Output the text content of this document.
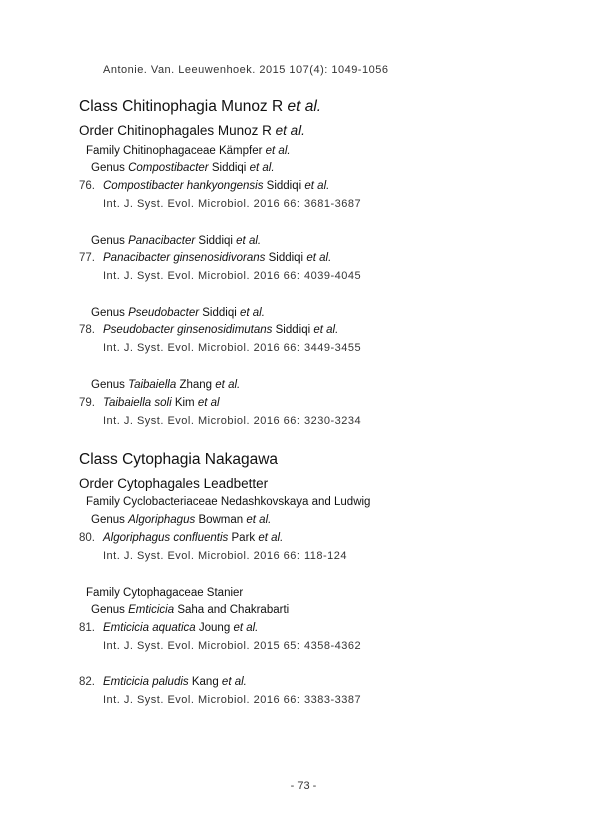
Antonie. Van. Leeuwenhoek. 2015 107(4): 1049-1056
Class Chitinophagia Munoz R et al.
Order Chitinophagales Munoz R et al.
Family Chitinophagaceae Kämpfer et al.
Genus Compostibacter Siddiqi et al.
76. Compostibacter hankyongensis Siddiqi et al.
Int. J. Syst. Evol. Microbiol. 2016 66: 3681-3687
Genus Panacibacter Siddiqi et al.
77. Panacibacter ginsenosidivorans Siddiqi et al.
Int. J. Syst. Evol. Microbiol. 2016 66: 4039-4045
Genus Pseudobacter Siddiqi et al.
78. Pseudobacter ginsenosidimutans Siddiqi et al.
Int. J. Syst. Evol. Microbiol. 2016 66: 3449-3455
Genus Taibaiella Zhang et al.
79. Taibaiella soli Kim et al
Int. J. Syst. Evol. Microbiol. 2016 66: 3230-3234
Class Cytophagia Nakagawa
Order Cytophagales Leadbetter
Family Cyclobacteriaceae Nedashkovskaya and Ludwig
Genus Algoriphagus Bowman et al.
80. Algoriphagus confluentis Park et al.
Int. J. Syst. Evol. Microbiol. 2016 66: 118-124
Family Cytophagaceae Stanier
Genus Emticicia Saha and Chakrabarti
81. Emticicia aquatica Joung et al.
Int. J. Syst. Evol. Microbiol. 2015 65: 4358-4362
82. Emticicia paludis Kang et al.
Int. J. Syst. Evol. Microbiol. 2016 66: 3383-3387
- 73 -
